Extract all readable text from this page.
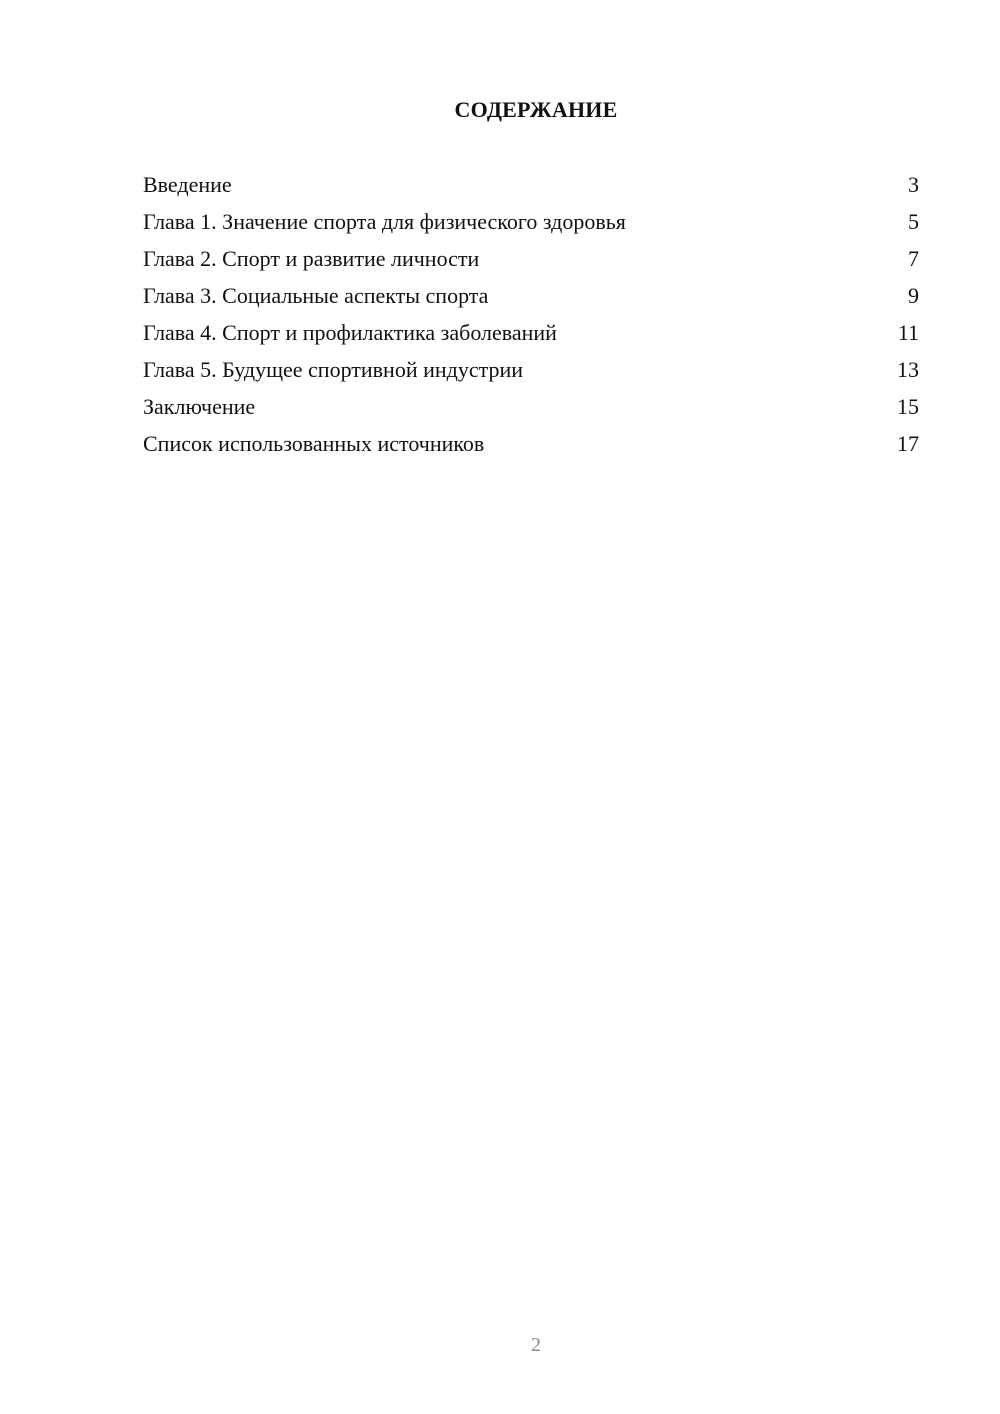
СОДЕРЖАНИЕ
Введение	3
Глава 1. Значение спорта для физического здоровья	5
Глава 2. Спорт и развитие личности	7
Глава 3. Социальные аспекты спорта	9
Глава 4. Спорт и профилактика заболеваний	11
Глава 5. Будущее спортивной индустрии	13
Заключение	15
Список использованных источников	17
2
